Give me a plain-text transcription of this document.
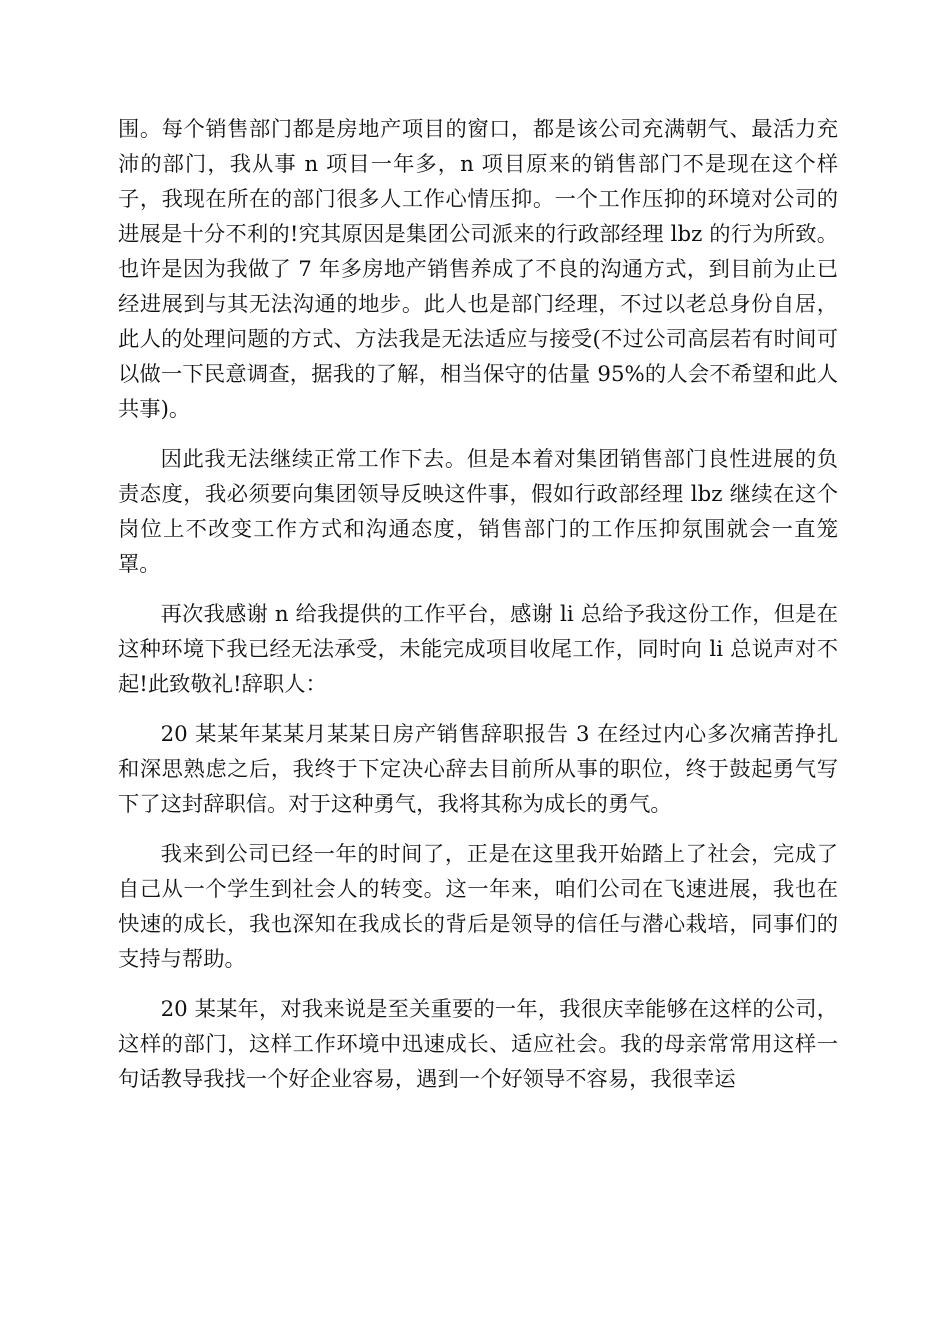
围。每个销售部门都是房地产项目的窗口，都是该公司充满朝气、最活力充沛的部门，我从事 n 项目一年多，n 项目原来的销售部门不是现在这个样子，我现在所在的部门很多人工作心情压抑。一个工作压抑的环境对公司的进展是十分不利的!究其原因是集团公司派来的行政部经理 lbz 的行为所致。也许是因为我做了 7 年多房地产销售养成了不良的沟通方式，到目前为止已经进展到与其无法沟通的地步。此人也是部门经理，不过以老总身份自居，此人的处理问题的方式、方法我是无法适应与接受(不过公司高层若有时间可以做一下民意调查，据我的了解，相当保守的估量 95%的人会不希望和此人共事)。

因此我无法继续正常工作下去。但是本着对集团销售部门良性进展的负责态度，我必须要向集团领导反映这件事，假如行政部经理 lbz 继续在这个岗位上不改变工作方式和沟通态度，销售部门的工作压抑氛围就会一直笼罩。

再次我感谢 n 给我提供的工作平台，感谢 li 总给予我这份工作，但是在这种环境下我已经无法承受，未能完成项目收尾工作，同时向 li 总说声对不起!此致敬礼!辞职人：

20 某某年某某月某某日房产销售辞职报告 3 在经过内心多次痛苦挣扎和深思熟虑之后，我终于下定决心辞去目前所从事的职位，终于鼓起勇气写下了这封辞职信。对于这种勇气，我将其称为成长的勇气。

我来到公司已经一年的时间了，正是在这里我开始踏上了社会，完成了自己从一个学生到社会人的转变。这一年来，咱们公司在飞速进展，我也在快速的成长，我也深知在我成长的背后是领导的信任与潜心栽培，同事们的支持与帮助。

20 某某年，对我来说是至关重要的一年，我很庆幸能够在这样的公司，这样的部门，这样工作环境中迅速成长、适应社会。我的母亲常常用这样一句话教导我找一个好企业容易，遇到一个好领导不容易，我很幸运
